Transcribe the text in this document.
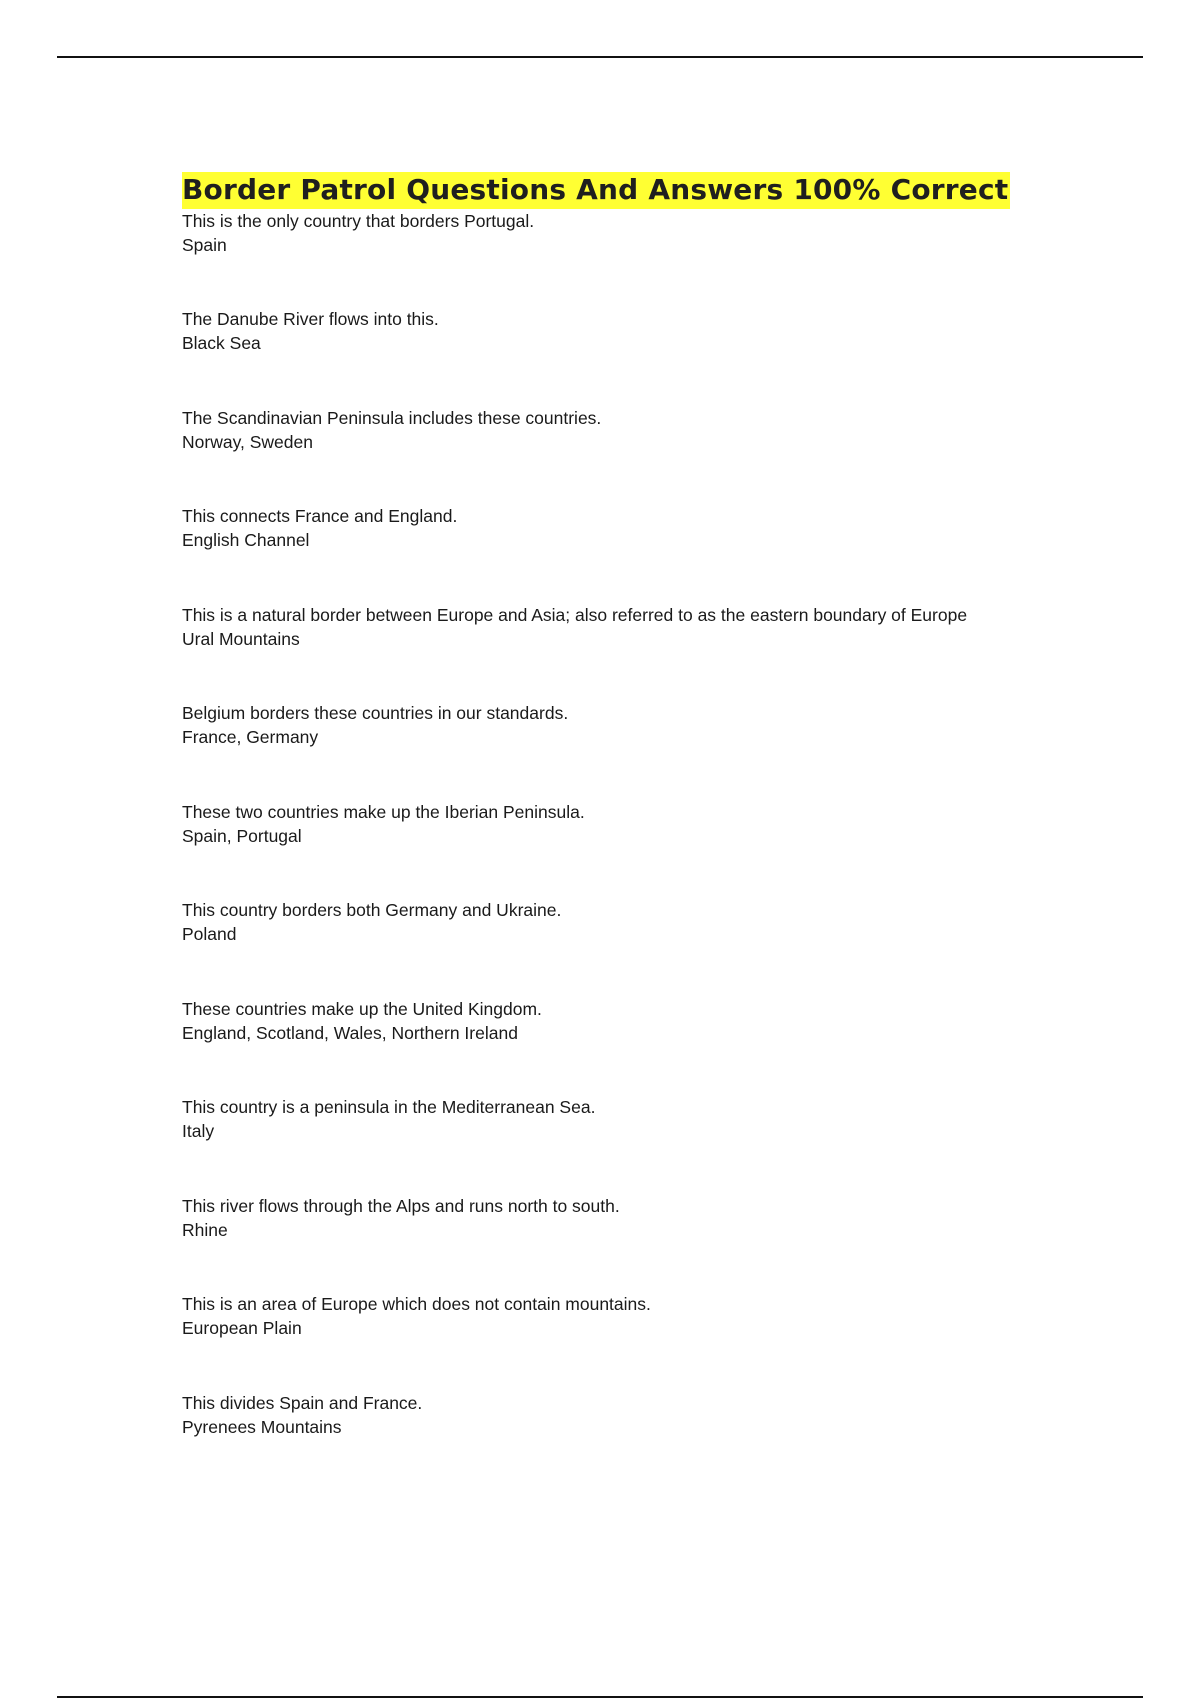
Border Patrol Questions And Answers 100% Correct
This is the only country that borders Portugal.
Spain
The Danube River flows into this.
Black Sea
The Scandinavian Peninsula includes these countries.
Norway, Sweden
This connects France and England.
English Channel
This is a natural border between Europe and Asia; also referred to as the eastern boundary of Europe
Ural Mountains
Belgium borders these countries in our standards.
France, Germany
These two countries make up the Iberian Peninsula.
Spain, Portugal
This country borders both Germany and Ukraine.
Poland
These countries make up the United Kingdom.
England, Scotland, Wales, Northern Ireland
This country is a peninsula in the Mediterranean Sea.
Italy
This river flows through the Alps and runs north to south.
Rhine
This is an area of Europe which does not contain mountains.
European Plain
This divides Spain and France.
Pyrenees Mountains
